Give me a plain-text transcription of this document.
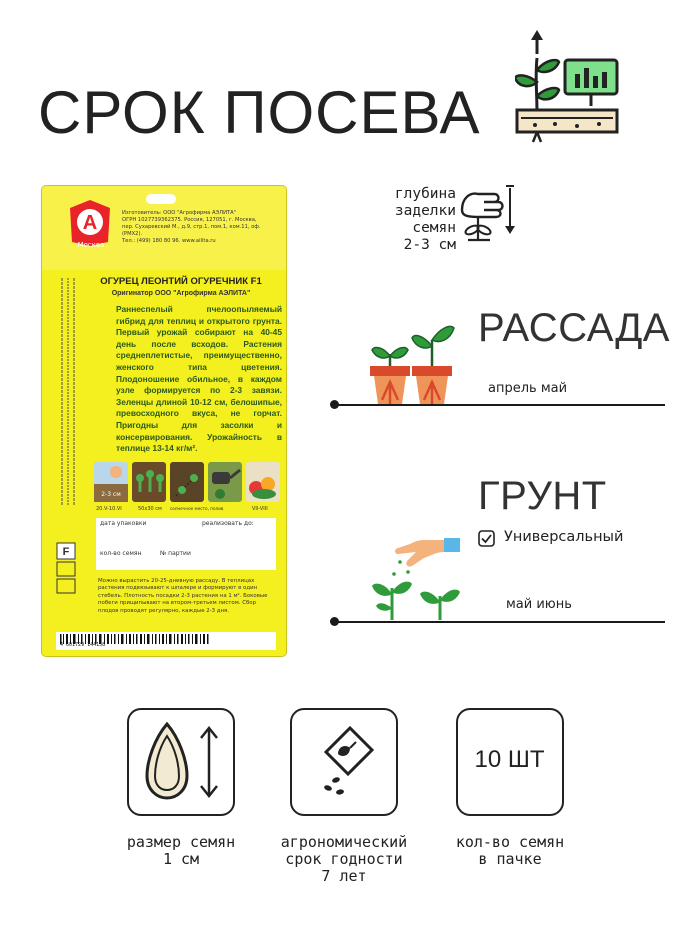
СРОК ПОСЕВА
A
Москва
Изготовитель: ООО "Агрофирма АЭЛИТА"
ОГРН 1027739362375. Россия, 127051, г. Москва,
пер. Сухаревский М., д.9, стр.1, пом.1, ком.11, оф.(РМХ2).
Тел.: (499) 180 80 96. www.ailita.ru
ОГУРЕЦ ЛЕОНТИЙ ОГУРЕЧНИК F1
Оригинатор ООО "Агрофирма АЭЛИТА"
Раннеспелый пчелоопыляемый гибрид для теплиц и открытого грунта. Первый урожай собирают на 40-45 день после всходов. Растения среднеплетистые, преимущественно, женского типа цветения. Плодоношение обильное, в каждом узле формируется по 2-3 завязи. Зеленцы длиной 10-12 см, белошипые, превосходного вкуса, не горчат. Пригодны для засолки и консервирования. Урожайность в теплице 13-14 кг/м².
2-3 см
20.V-10.VI	50x30 см солнечное место, полив	VII-VIII
дата упаковки	реализовать до:
кол-во семян	№ партии
F
Можно вырастить 20-25-дневную рассаду. В теплицах растения подвязывают к шпалере и формируют в один стебель. Плотность посадки 2-3 растения на 1 м². Боковые побеги прищипывают на втором-третьем листом. Сбор плодов проводят регулярно, каждые 2-3 дня.
4 601729 144158
глубина
заделки
семян
2-3 см
РАССАДА
апрель май
ГРУНТ
Универсальный
май июнь
10 ШТ
размер семян
1 см
агрономический
срок годности
7 лет
кол-во семян
в пачке
